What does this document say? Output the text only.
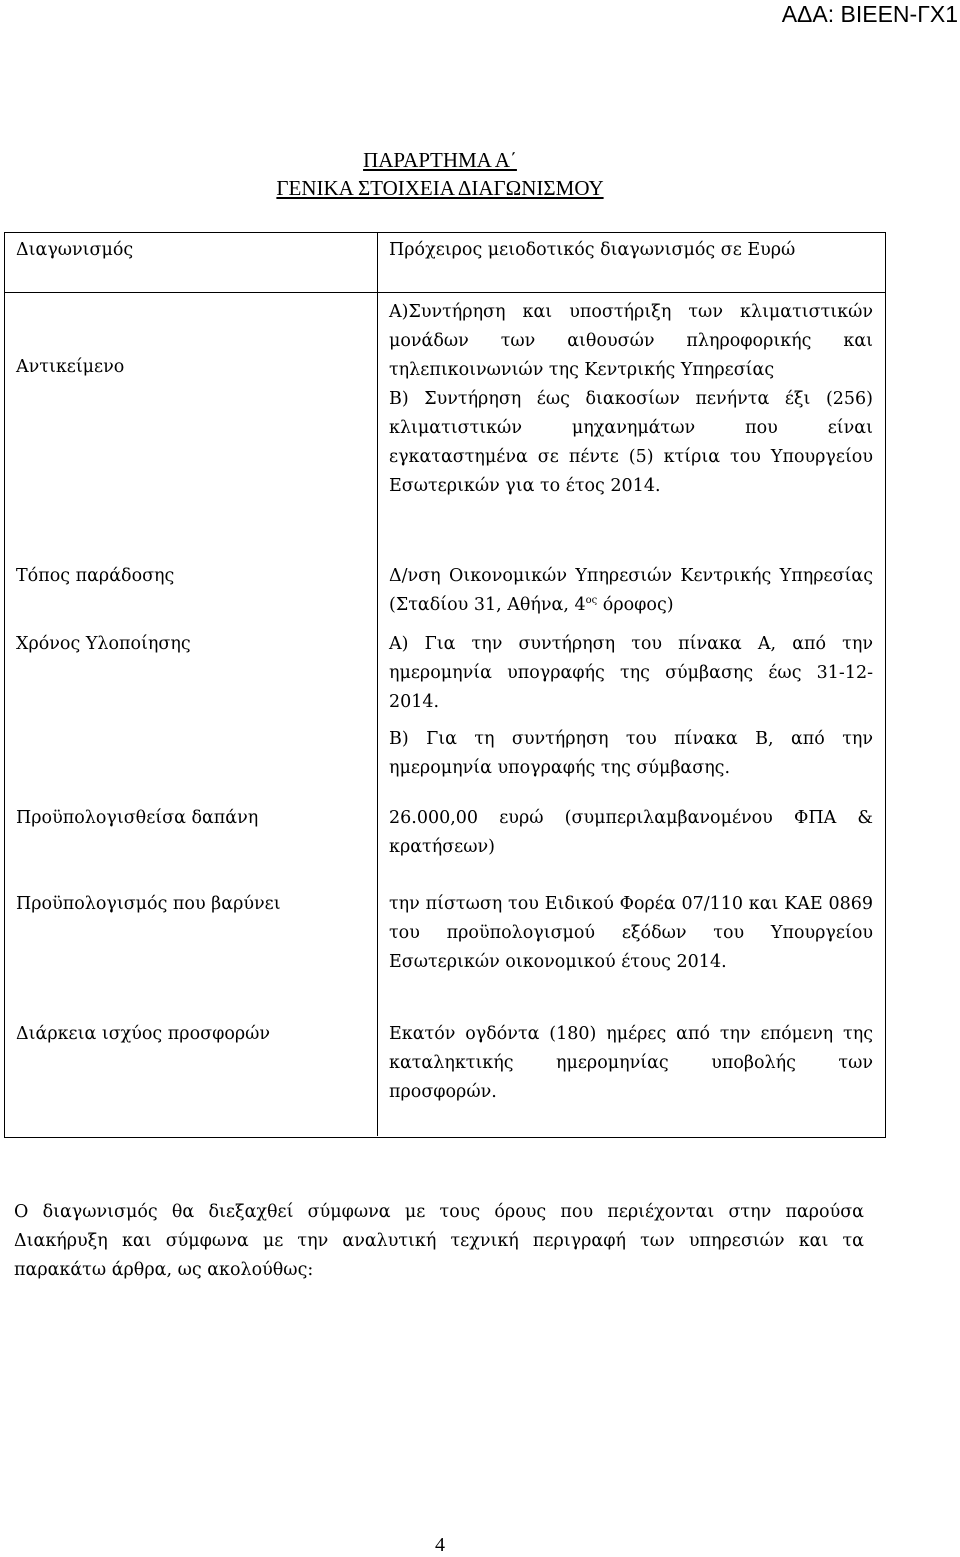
ΑΔΑ: ΒΙΕΕΝ-ΓΧ1
ΠΑΡΑΡΤΗΜΑ Α΄
ΓΕΝΙΚΑ ΣΤΟΙΧΕΙΑ ΔΙΑΓΩΝΙΣΜΟΥ
Διαγωνισμός	Πρόχειρος μειοδοτικός διαγωνισμός σε Ευρώ

Αντικείμενο	Α)Συντήρηση και υποστήριξη των κλιματιστικών μονάδων των αιθουσών πληροφορικής και τηλεπικοινωνιών της Κεντρικής Υπηρεσίας
Β) Συντήρηση έως διακοσίων πενήντα έξι (256) κλιματιστικών μηχανημάτων που είναι εγκαταστημένα σε πέντε (5) κτίρια του Υπουργείου Εσωτερικών για το έτος 2014.

Τόπος παράδοσης	Δ/νση Οικονομικών Υπηρεσιών Κεντρικής Υπηρεσίας (Σταδίου 31, Αθήνα, $4^{o\varsigma}$ όροφος)

Χρόνος Υλοποίησης	Α) Για την συντήρηση του πίνακα Α, από την ημερομηνία υπογραφής της σύμβασης έως 31-12-2014.
Β) Για τη συντήρηση του πίνακα Β, από την ημερομηνία υπογραφής της σύμβασης.

Προϋπολογισθείσα δαπάνη	26.000,00 ευρώ (συμπεριλαμβανομένου ΦΠΑ & κρατήσεων)

Προϋπολογισμός που βαρύνει	την πίστωση του Ειδικού Φορέα 07/110 και ΚΑΕ 0869 του προϋπολογισμού εξόδων του Υπουργείου Εσωτερικών οικονομικού έτους 2014.

Διάρκεια ισχύος προσφορών	Εκατόν ογδόντα (180) ημέρες από την επόμενη της καταληκτικής ημερομηνίας υποβολής των προσφορών.
Ο διαγωνισμός θα διεξαχθεί σύμφωνα με τους όρους που περιέχονται στην παρούσα Διακήρυξη και σύμφωνα με την αναλυτική τεχνική περιγραφή των υπηρεσιών και τα παρακάτω άρθρα, ως ακολούθως:
4
